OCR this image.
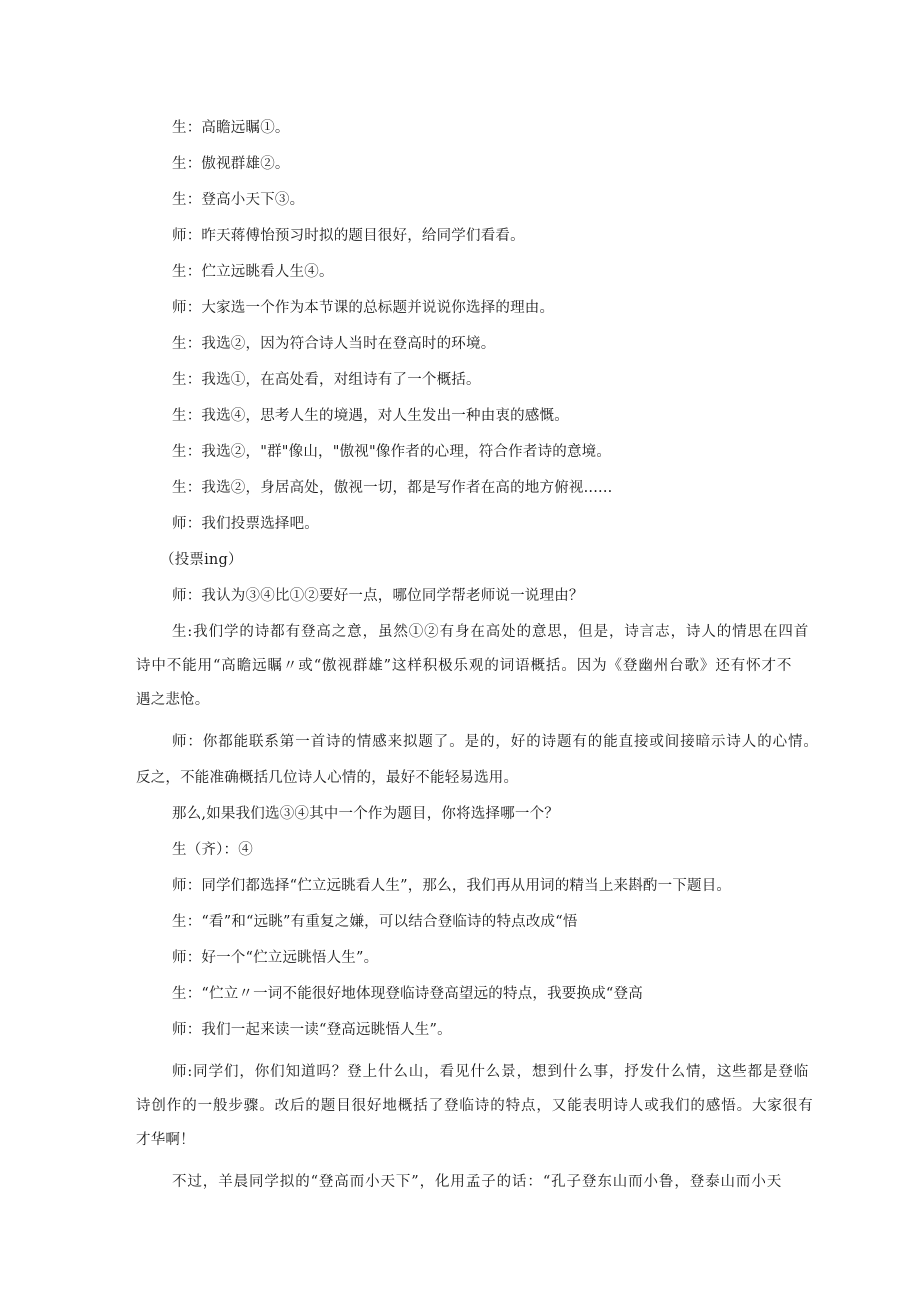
生：高瞻远瞩①。
生：傲视群雄②。
生：登高小天下③。
师：昨天蒋傅怡预习时拟的题目很好，给同学们看看。
生：伫立远眺看人生④。
师：大家选一个作为本节课的总标题并说说你选择的理由。
生：我选②，因为符合诗人当时在登高时的环境。
生：我选①，在高处看，对组诗有了一个概括。
生：我选④，思考人生的境遇，对人生发出一种由衷的感慨。
生：我选②，"群"像山，"傲视"像作者的心理，符合作者诗的意境。
生：我选②，身居高处，傲视一切，都是写作者在高的地方俯视......
师：我们投票选择吧。
（投票ing）
师：我认为③④比①②要好一点，哪位同学帮老师说一说理由？
生:我们学的诗都有登高之意，虽然①②有身在高处的意思，但是，诗言志，诗人的情思在四首
诗中不能用“高瞻远瞩〃或“傲视群雄”这样积极乐观的词语概括。因为《登幽州台歌》还有怀才不
遇之悲怆。
师：你都能联系第一首诗的情感来拟题了。是的，好的诗题有的能直接或间接暗示诗人的心情。
反之，不能准确概括几位诗人心情的，最好不能轻易选用。
那么,如果我们选③④其中一个作为题目，你将选择哪一个？
生（齐）：④
师：同学们都选择“伫立远眺看人生”，那么，我们再从用词的精当上来斟酌一下题目。
生：“看”和“远眺”有重复之嫌，可以结合登临诗的特点改成“悟
师：好一个“伫立远眺悟人生”。
生：“伫立〃一词不能很好地体现登临诗登高望远的特点，我要换成“登高
师：我们一起来读一读“登高远眺悟人生”。
师:同学们，你们知道吗？登上什么山，看见什么景，想到什么事，抒发什么情，这些都是登临
诗创作的一般步骤。改后的题目很好地概括了登临诗的特点，又能表明诗人或我们的感悟。大家很有
才华啊！
不过，羊晨同学拟的“登高而小天下”，化用孟子的话：“孔子登东山而小鲁，登泰山而小天
